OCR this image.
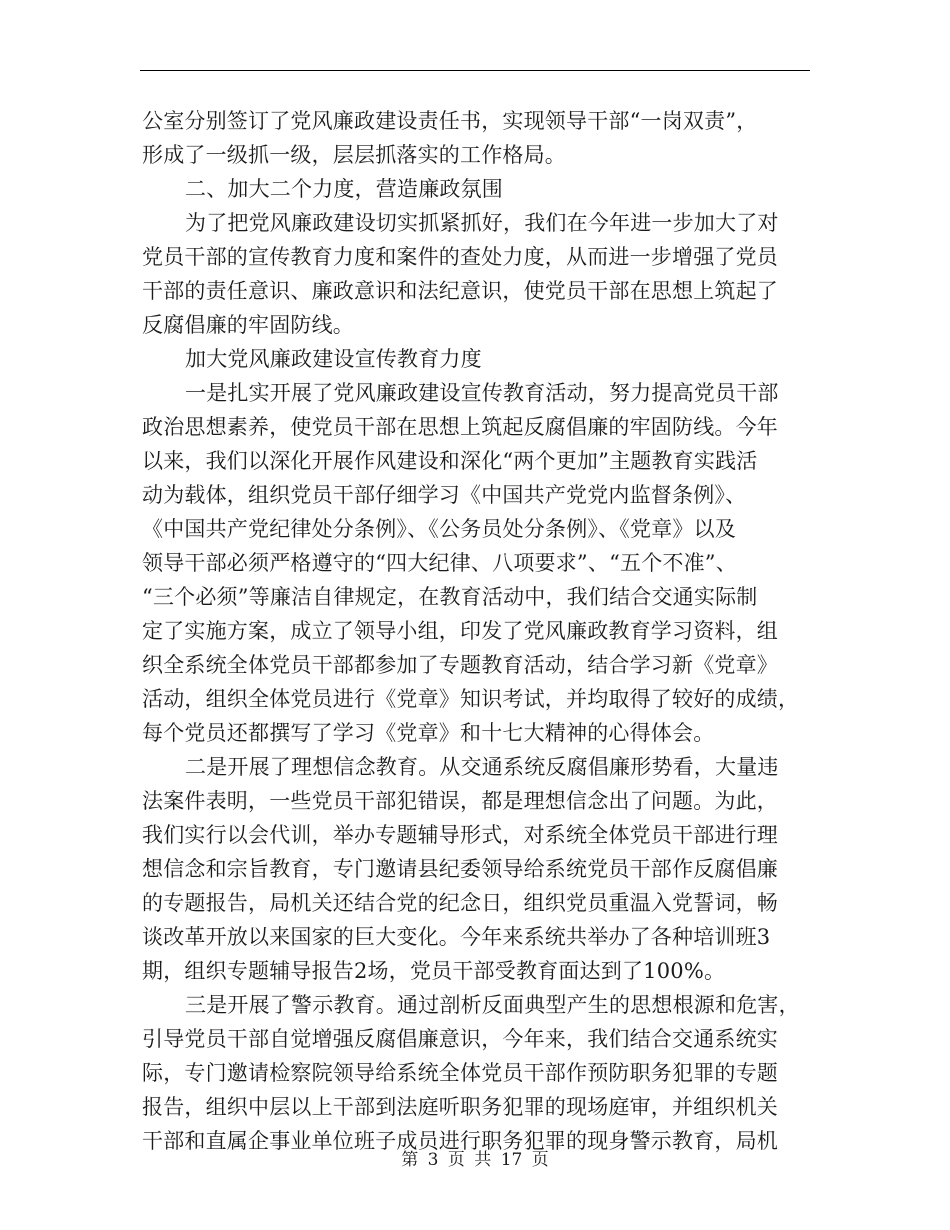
公室分别签订了党风廉政建设责任书，实现领导干部“一岗双责”，
形成了一级抓一级，层层抓落实的工作格局。
二、加大二个力度，营造廉政氛围
为了把党风廉政建设切实抓紧抓好，我们在今年进一步加大了对
党员干部的宣传教育力度和案件的查处力度，从而进一步增强了党员
干部的责任意识、廉政意识和法纪意识，使党员干部在思想上筑起了
反腐倡廉的牢固防线。
加大党风廉政建设宣传教育力度
一是扎实开展了党风廉政建设宣传教育活动，努力提高党员干部
政治思想素养，使党员干部在思想上筑起反腐倡廉的牢固防线。今年
以来，我们以深化开展作风建设和深化“两个更加”主题教育实践活
动为载体，组织党员干部仔细学习《中国共产党党内监督条例》、
《中国共产党纪律处分条例》、《公务员处分条例》、《党章》以及
领导干部必须严格遵守的“四大纪律、八项要求”、“五个不准”、
“三个必须”等廉洁自律规定，在教育活动中，我们结合交通实际制
定了实施方案，成立了领导小组，印发了党风廉政教育学习资料，组
织全系统全体党员干部都参加了专题教育活动，结合学习新《党章》
活动，组织全体党员进行《党章》知识考试，并均取得了较好的成绩，
每个党员还都撰写了学习《党章》和十七大精神的心得体会。
二是开展了理想信念教育。从交通系统反腐倡廉形势看，大量违
法案件表明，一些党员干部犯错误，都是理想信念出了问题。为此，
我们实行以会代训，举办专题辅导形式，对系统全体党员干部进行理
想信念和宗旨教育，专门邀请县纪委领导给系统党员干部作反腐倡廉
的专题报告，局机关还结合党的纪念日，组织党员重温入党誓词，畅
谈改革开放以来国家的巨大变化。今年来系统共举办了各种培训班3
期，组织专题辅导报告2场，党员干部受教育面达到了100%。
三是开展了警示教育。通过剖析反面典型产生的思想根源和危害，
引导党员干部自觉增强反腐倡廉意识，今年来，我们结合交通系统实
际，专门邀请检察院领导给系统全体党员干部作预防职务犯罪的专题
报告，组织中层以上干部到法庭听职务犯罪的现场庭审，并组织机关
干部和直属企事业单位班子成员进行职务犯罪的现身警示教育，局机
第 3 页 共 17 页
